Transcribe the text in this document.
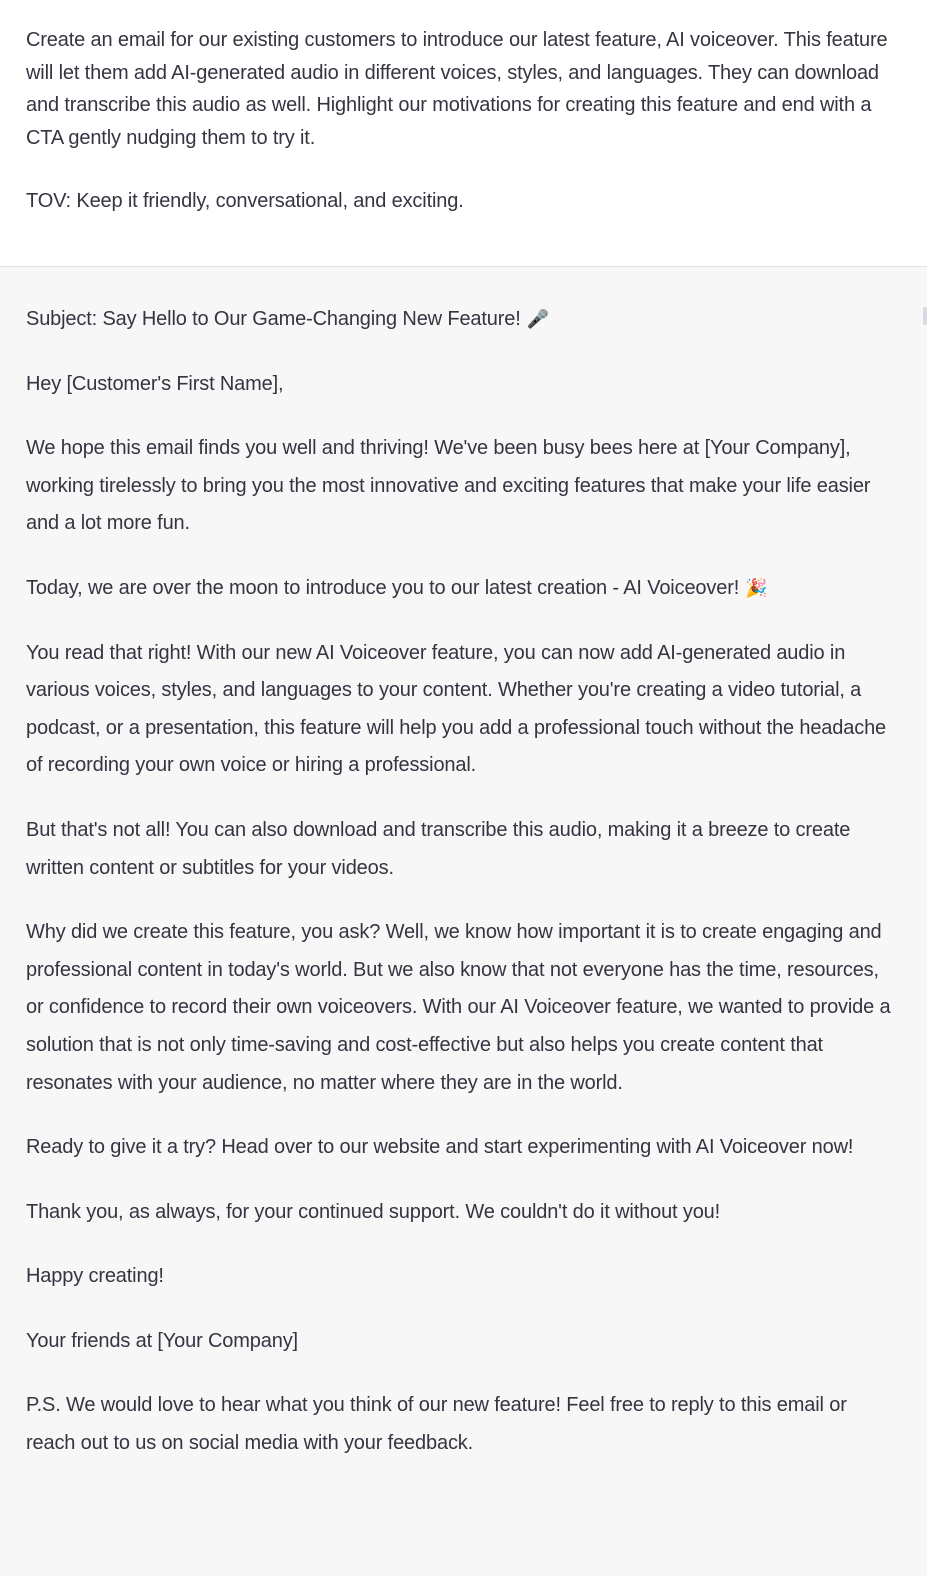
Create an email for our existing customers to introduce our latest feature, AI voiceover. This feature will let them add AI-generated audio in different voices, styles, and languages. They can download and transcribe this audio as well. Highlight our motivations for creating this feature and end with a CTA gently nudging them to try it.

TOV: Keep it friendly, conversational, and exciting.

Subject: Say Hello to Our Game-Changing New Feature! 🎤

Hey [Customer's First Name],

We hope this email finds you well and thriving! We've been busy bees here at [Your Company], working tirelessly to bring you the most innovative and exciting features that make your life easier and a lot more fun.

Today, we are over the moon to introduce you to our latest creation - AI Voiceover! 🎉

You read that right! With our new AI Voiceover feature, you can now add AI-generated audio in various voices, styles, and languages to your content. Whether you're creating a video tutorial, a podcast, or a presentation, this feature will help you add a professional touch without the headache of recording your own voice or hiring a professional.

But that's not all! You can also download and transcribe this audio, making it a breeze to create written content or subtitles for your videos.

Why did we create this feature, you ask? Well, we know how important it is to create engaging and professional content in today's world. But we also know that not everyone has the time, resources, or confidence to record their own voiceovers. With our AI Voiceover feature, we wanted to provide a solution that is not only time-saving and cost-effective but also helps you create content that resonates with your audience, no matter where they are in the world.

Ready to give it a try? Head over to our website and start experimenting with AI Voiceover now!

Thank you, as always, for your continued support. We couldn't do it without you!

Happy creating!

Your friends at [Your Company]

P.S. We would love to hear what you think of our new feature! Feel free to reply to this email or reach out to us on social media with your feedback.
